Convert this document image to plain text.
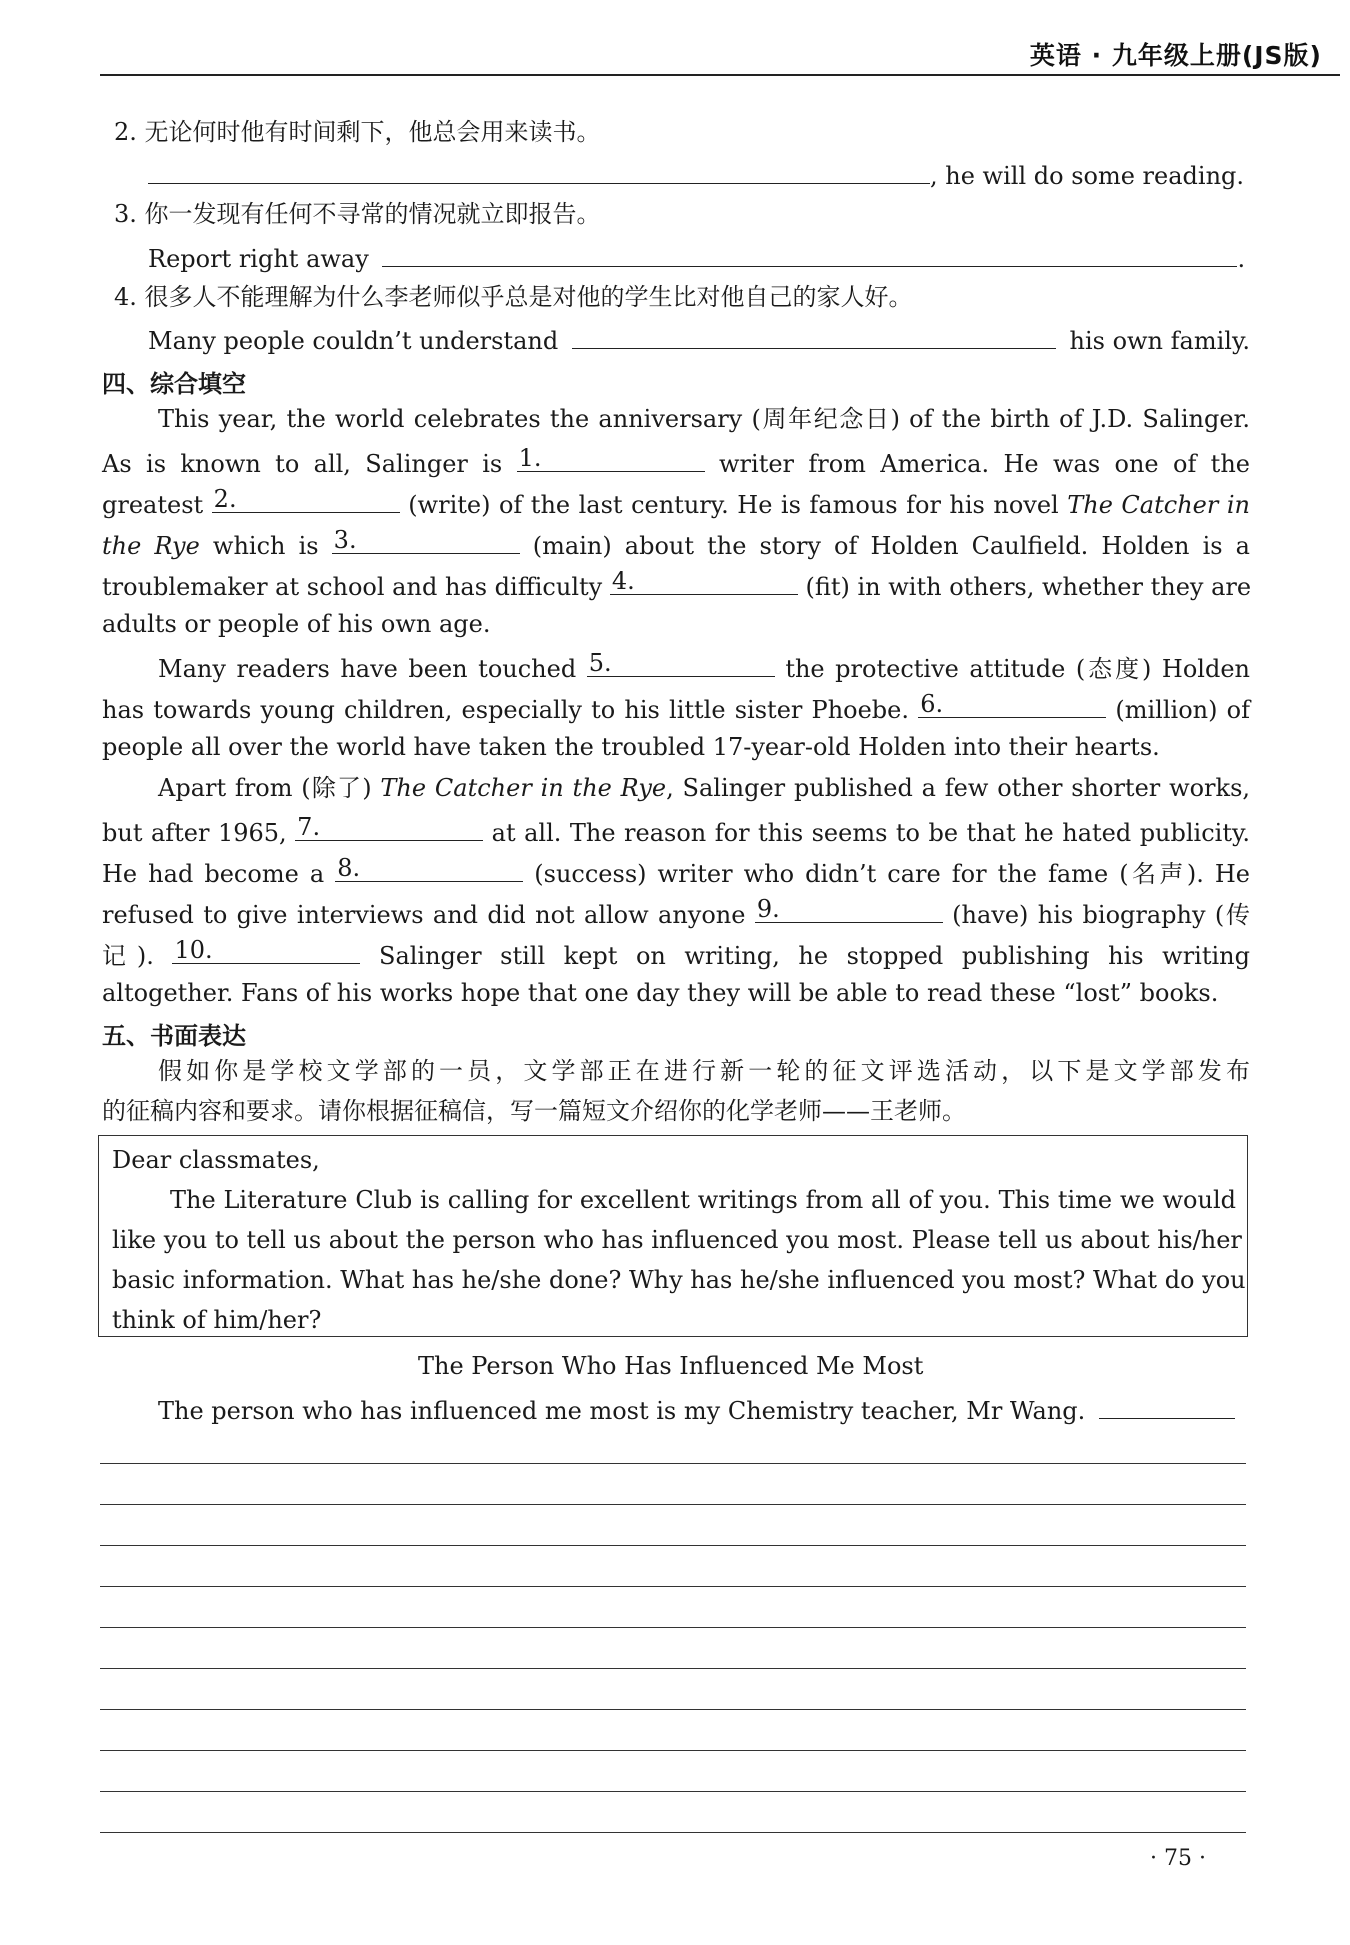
英语 · 九年级上册(JS版)
2. 无论何时他有时间剩下，他总会用来读书。
, he will do some reading.
3. 你一发现有任何不寻常的情况就立即报告。
Report right away	.
4. 很多人不能理解为什么李老师似乎总是对他的学生比对他自己的家人好。
Many people couldn’t understand	his own family.
四、综合填空
This year, the world celebrates the anniversary (周年纪念日) of the birth of J.D. Salinger.
As is known to all, Salinger is 1.	writer from America. He was one of the
greatest 2.	(write) of the last century. He is famous for his novel The Catcher in
the Rye which is 3.	(main) about the story of Holden Caulfield. Holden is a
troublemaker at school and has difficulty 4.	(fit) in with others, whether they are
adults or people of his own age.
Many readers have been touched 5.	the protective attitude (态度) Holden
has towards young children, especially to his little sister Phoebe. 6.	(million) of
people all over the world have taken the troubled 17-year-old Holden into their hearts.
Apart from (除了) The Catcher in the Rye, Salinger published a few other shorter works,
but after 1965, 7.	at all. The reason for this seems to be that he hated publicity.
He had become a 8.	(success) writer who didn’t care for the fame (名声). He
refused to give interviews and did not allow anyone 9.	(have) his biography (传
记). 10.	Salinger still kept on writing, he stopped publishing his writing
altogether. Fans of his works hope that one day they will be able to read these “lost” books.
五、书面表达
假如你是学校文学部的一员，文学部正在进行新一轮的征文评选活动，以下是文学部发布
的征稿内容和要求。请你根据征稿信，写一篇短文介绍你的化学老师——王老师。
Dear classmates,
The Literature Club is calling for excellent writings from all of you. This time we would
like you to tell us about the person who has influenced you most. Please tell us about his/her
basic information. What has he/she done? Why has he/she influenced you most? What do you
think of him/her?
The Person Who Has Influenced Me Most
The person who has influenced me most is my Chemistry teacher, Mr Wang.
· 75 ·
